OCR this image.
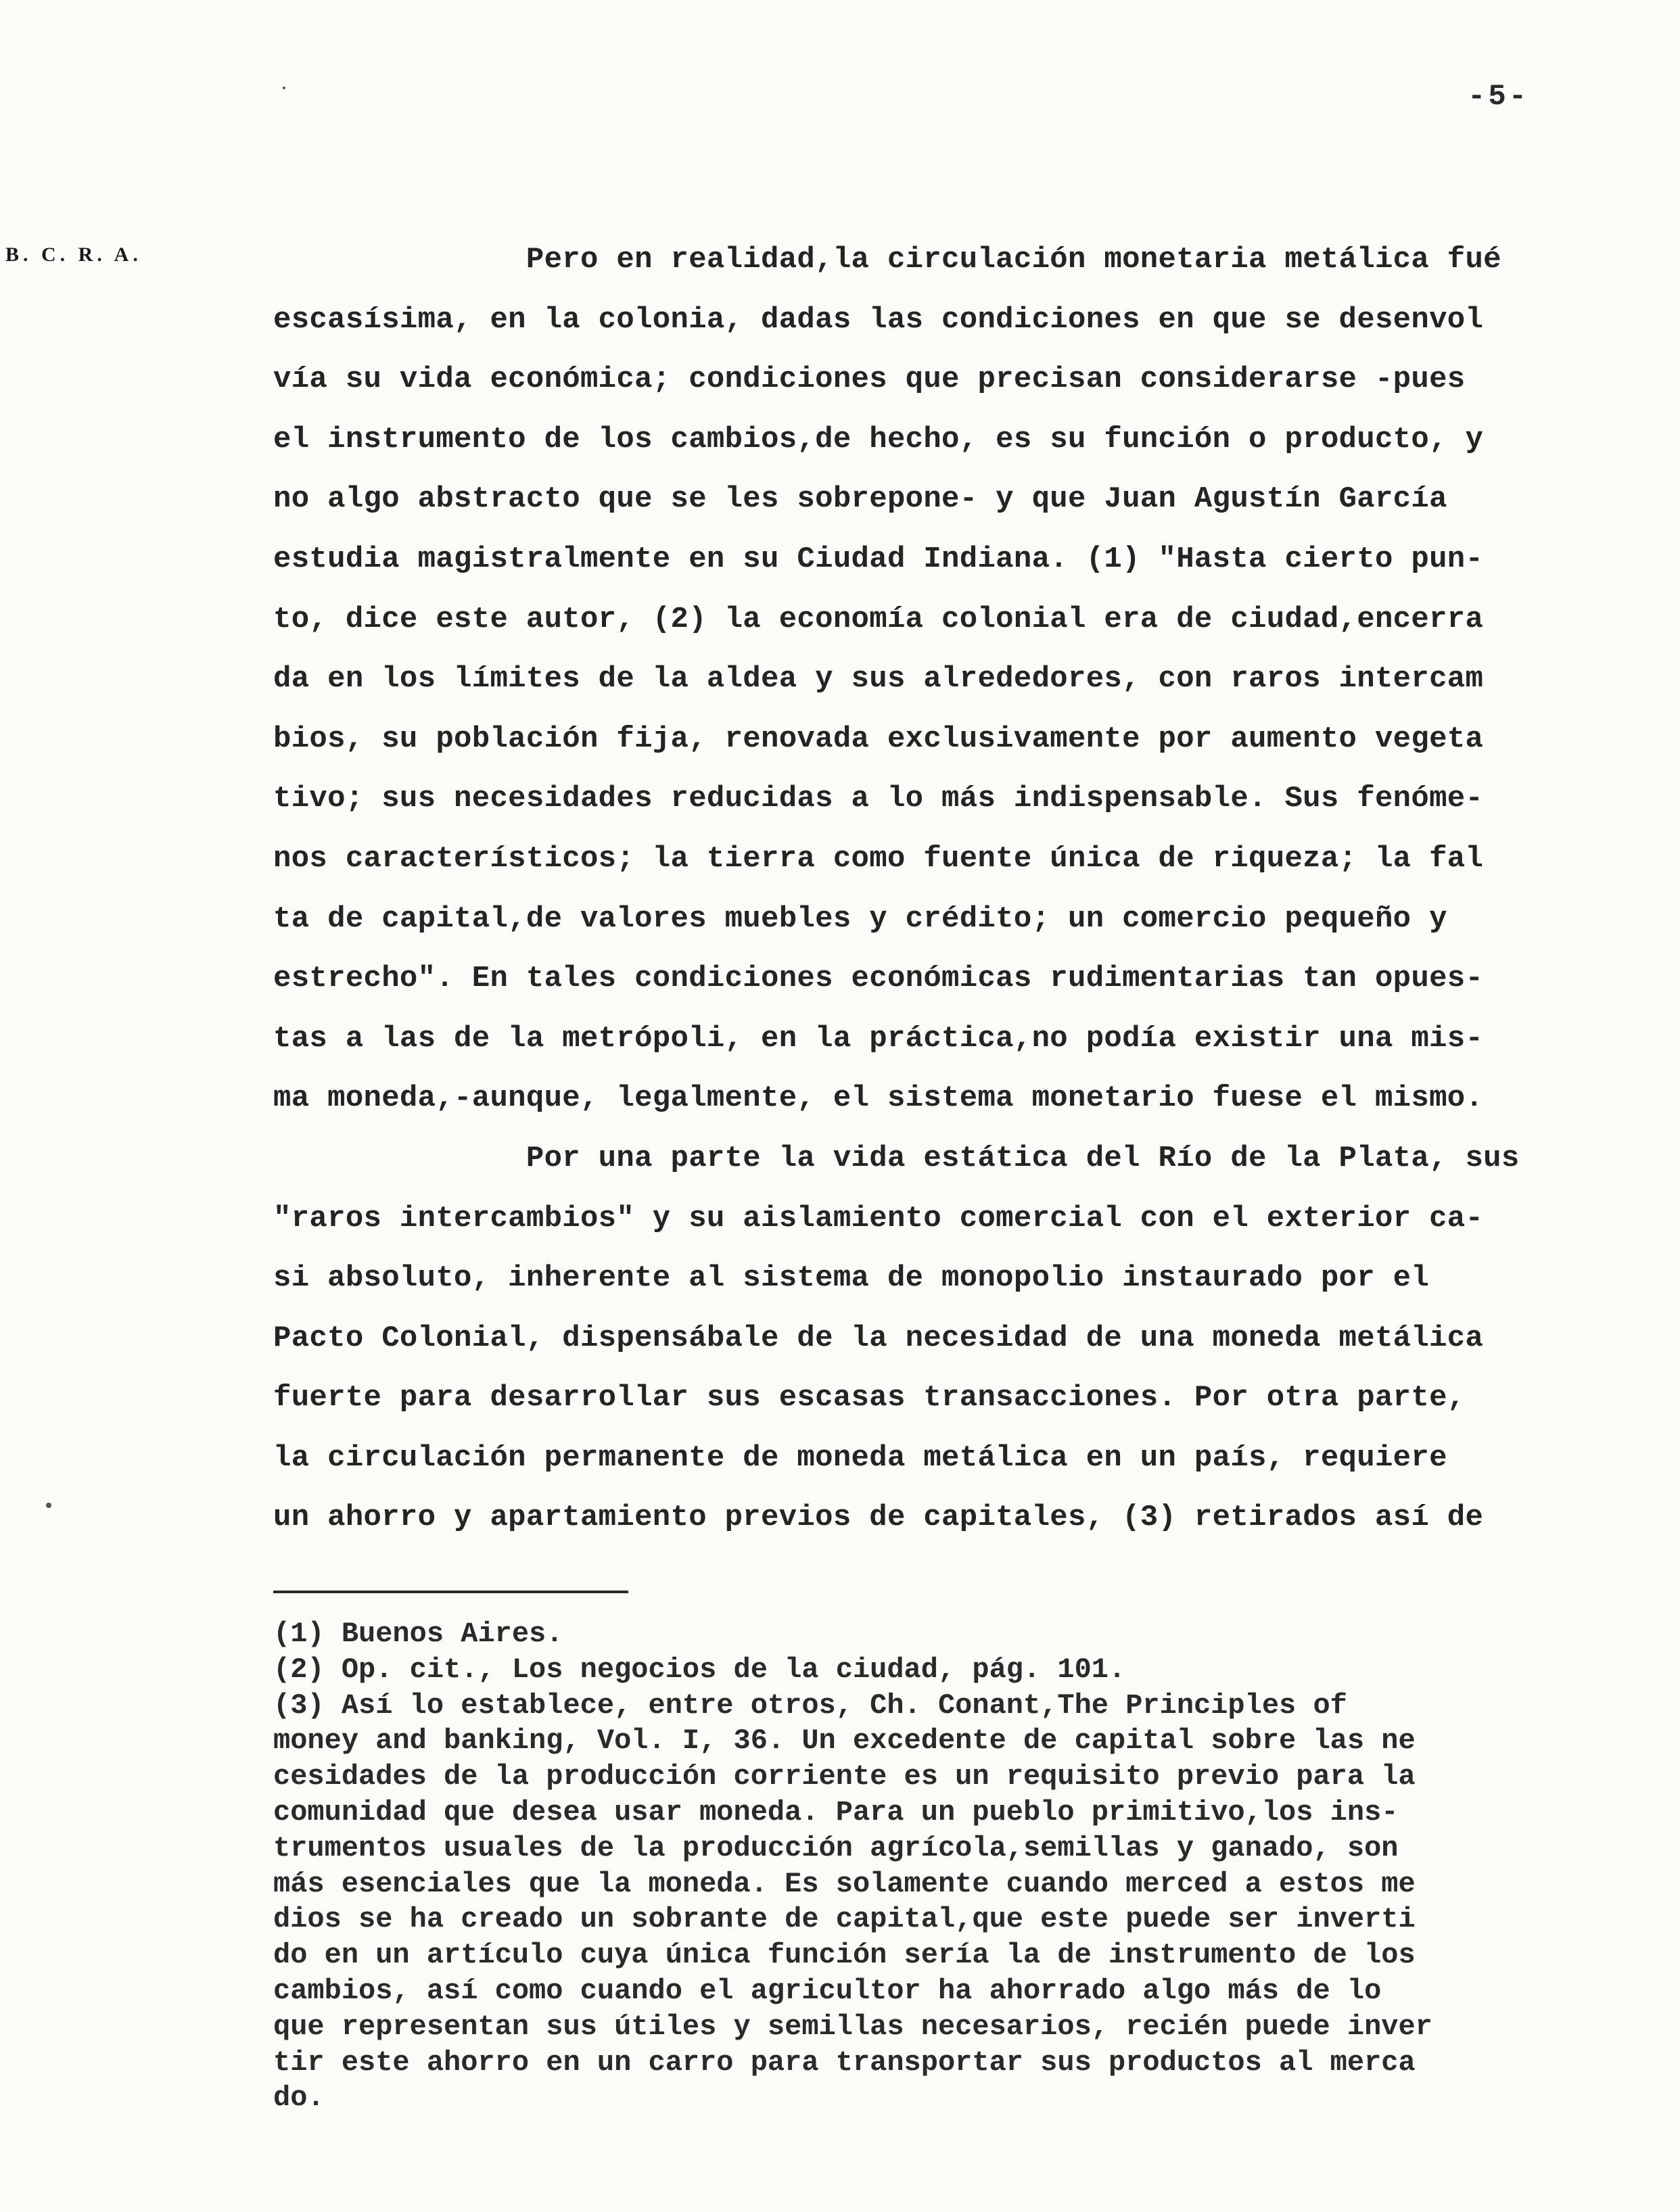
-5-
B. C. R. A.	Pero en realidad,la circulación monetaria metálica fué
escasísima, en la colonia, dadas las condiciones en que se desenvol
vía su vida económica; condiciones que precisan considerarse -pues
el instrumento de los cambios,de hecho, es su función o producto, y
no algo abstracto que se les sobrepone- y que Juan Agustín García
estudia magistralmente en su Ciudad Indiana. (1) "Hasta cierto pun-
to, dice este autor, (2) la economía colonial era de ciudad,encerra
da en los límites de la aldea y sus alrededores, con raros intercam
bios, su población fija, renovada exclusivamente por aumento vegeta
tivo; sus necesidades reducidas a lo más indispensable. Sus fenóme-
nos característicos; la tierra como fuente única de riqueza; la fal
ta de capital,de valores muebles y crédito; un comercio pequeño y
estrecho". En tales condiciones económicas rudimentarias tan opues-
tas a las de la metrópoli, en la práctica,no podía existir una mis-
ma moneda,-aunque, legalmente, el sistema monetario fuese el mismo.
Por una parte la vida estática del Río de la Plata, sus
"raros intercambios" y su aislamiento comercial con el exterior ca-
si absoluto, inherente al sistema de monopolio instaurado por el
Pacto Colonial, dispensábale de la necesidad de una moneda metálica
fuerte para desarrollar sus escasas transacciones. Por otra parte,
la circulación permanente de moneda metálica en un país, requiere
un ahorro y apartamiento previos de capitales, (3) retirados así de
(1) Buenos Aires.
(2) Op. cit., Los negocios de la ciudad, pág. 101.
(3) Así lo establece, entre otros, Ch. Conant,The Principles of
money and banking, Vol. I, 36. Un excedente de capital sobre las ne
cesidades de la producción corriente es un requisito previo para la
comunidad que desea usar moneda. Para un pueblo primitivo,los ins-
trumentos usuales de la producción agrícola,semillas y ganado, son
más esenciales que la moneda. Es solamente cuando merced a estos me
dios se ha creado un sobrante de capital,que este puede ser inverti
do en un artículo cuya única función sería la de instrumento de los
cambios, así como cuando el agricultor ha ahorrado algo más de lo
que representan sus útiles y semillas necesarios, recién puede inver
tir este ahorro en un carro para transportar sus productos al merca
do.
